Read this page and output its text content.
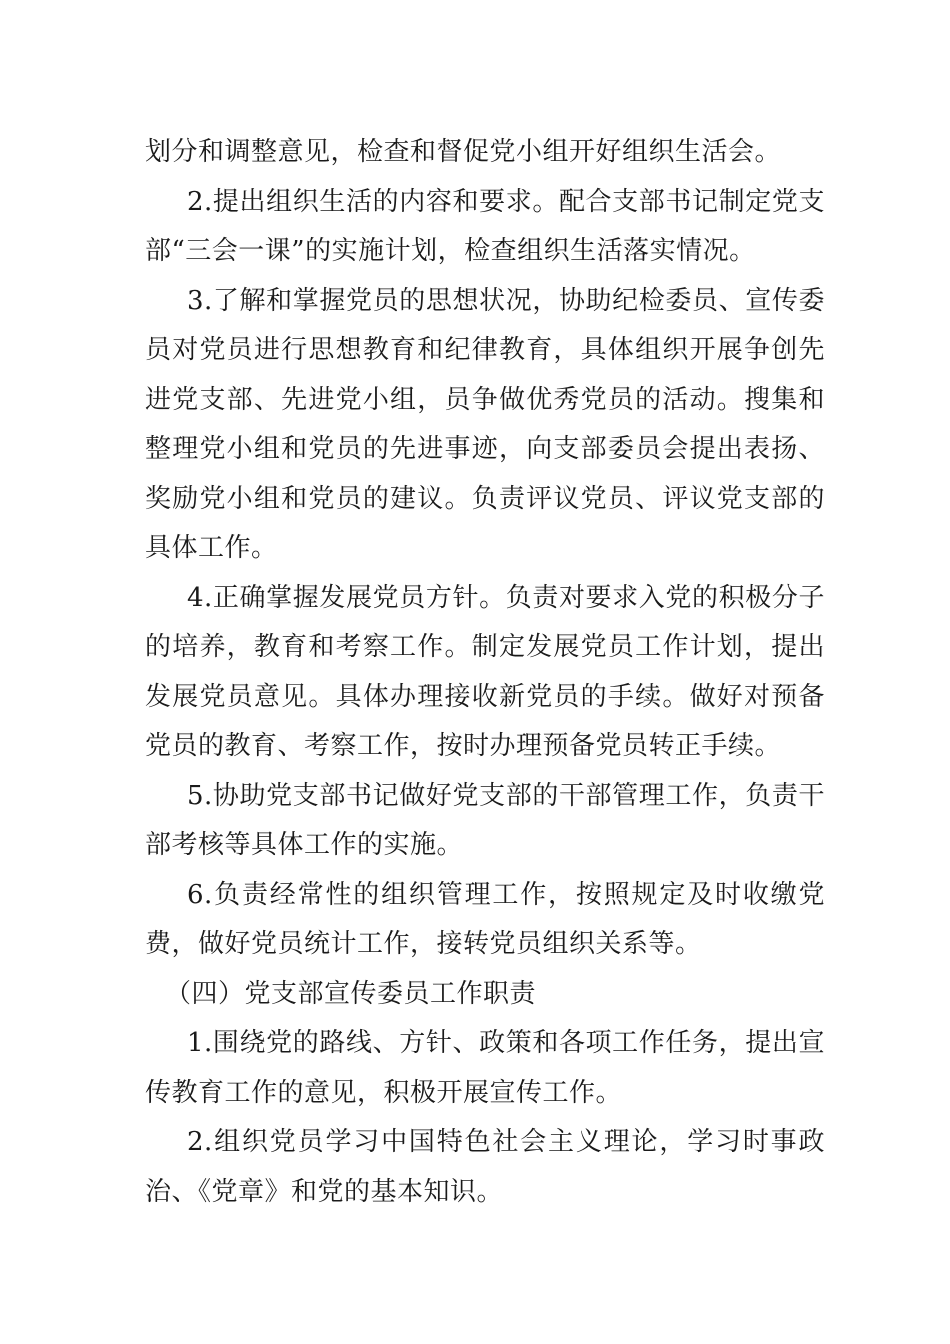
划分和调整意见，检查和督促党小组开好组织生活会。

2.提出组织生活的内容和要求。配合支部书记制定党支部“三会一课”的实施计划，检查组织生活落实情况。

3.了解和掌握党员的思想状况，协助纪检委员、宣传委员对党员进行思想教育和纪律教育，具体组织开展争创先进党支部、先进党小组，员争做优秀党员的活动。搜集和整理党小组和党员的先进事迹，向支部委员会提出表扬、奖励党小组和党员的建议。负责评议党员、评议党支部的具体工作。

4.正确掌握发展党员方针。负责对要求入党的积极分子的培养，教育和考察工作。制定发展党员工作计划，提出发展党员意见。具体办理接收新党员的手续。做好对预备党员的教育、考察工作，按时办理预备党员转正手续。

5.协助党支部书记做好党支部的干部管理工作，负责干部考核等具体工作的实施。

6.负责经常性的组织管理工作，按照规定及时收缴党费，做好党员统计工作，接转党员组织关系等。

（四）党支部宣传委员工作职责

1.围绕党的路线、方针、政策和各项工作任务，提出宣传教育工作的意见，积极开展宣传工作。

2.组织党员学习中国特色社会主义理论，学习时事政治、《党章》和党的基本知识。
